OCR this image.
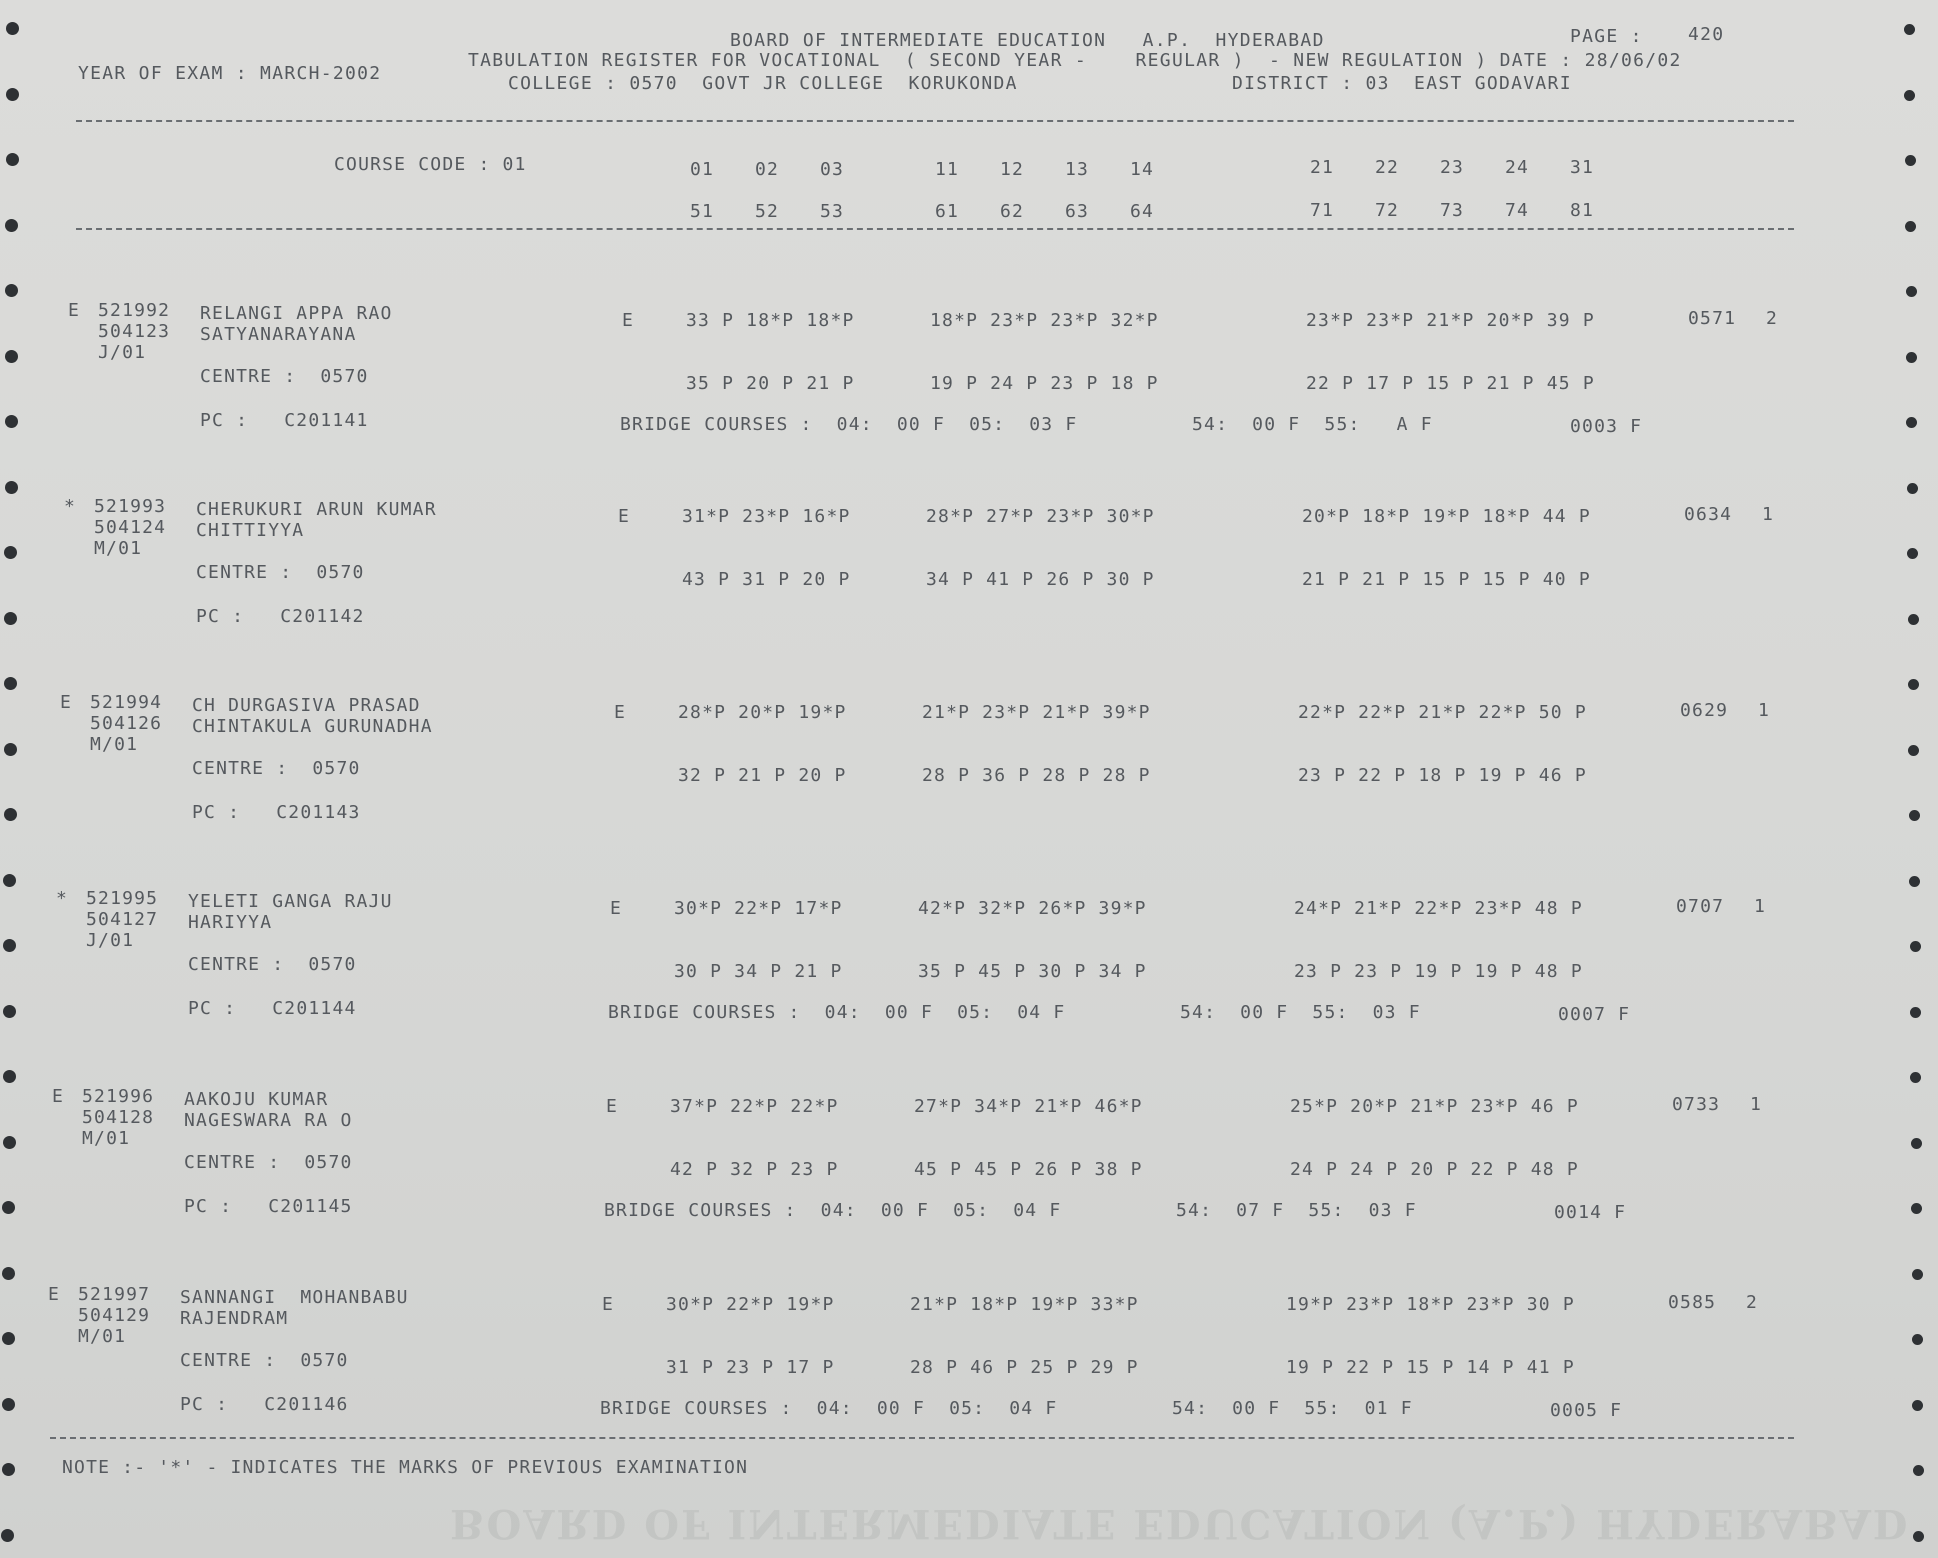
BOARD OF INTERMEDIATE EDUCATION (A.P.) HYDERABAD
BOARD OF INTERMEDIATE EDUCATION   A.P.  HYDERABAD	PAGE :	420
YEAR OF EXAM : MARCH-2002
TABULATION REGISTER FOR VOCATIONAL  ( SECOND YEAR -    REGULAR )  - NEW REGULATION ) DATE : 28/06/02
COLLEGE : 0570  GOVT JR COLLEGE  KORUKONDA	DISTRICT : 03  EAST GODAVARI
COURSE CODE : 01	01 02 03	11 12 13 14	21 22 23 24 31
51 52 53	61 62 63 64	71 72 73 74 81
E 521992 RELANGI APPA RAO
504123 SATYANARAYANA
J/01
E	33 P 18*P 18*P	18*P 23*P 23*P 32*P	23*P 23*P 21*P 20*P 39 P	0571 2
CENTRE :  0570	35 P 20 P 21 P	19 P 24 P 23 P 18 P	22 P 17 P 15 P 21 P 45 P
PC :   C201141	BRIDGE COURSES :  04:  00 F  05:  03 F	54:  00 F  55:   A F	0003 F
* 521993 CHERUKURI ARUN KUMAR
504124 CHITTIYYA
M/01
E	31*P 23*P 16*P	28*P 27*P 23*P 30*P	20*P 18*P 19*P 18*P 44 P	0634 1
CENTRE :  0570	43 P 31 P 20 P	34 P 41 P 26 P 30 P	21 P 21 P 15 P 15 P 40 P
PC :   C201142
E 521994 CH DURGASIVA PRASAD
504126 CHINTAKULA GURUNADHA
M/01
E	28*P 20*P 19*P	21*P 23*P 21*P 39*P	22*P 22*P 21*P 22*P 50 P	0629 1
CENTRE :  0570	32 P 21 P 20 P	28 P 36 P 28 P 28 P	23 P 22 P 18 P 19 P 46 P
PC :   C201143
* 521995 YELETI GANGA RAJU
504127 HARIYYA
J/01
E	30*P 22*P 17*P	42*P 32*P 26*P 39*P	24*P 21*P 22*P 23*P 48 P	0707 1
CENTRE :  0570	30 P 34 P 21 P	35 P 45 P 30 P 34 P	23 P 23 P 19 P 19 P 48 P
PC :   C201144	BRIDGE COURSES :  04:  00 F  05:  04 F	54:  00 F  55:  03 F	0007 F
E 521996 AAKOJU KUMAR
504128 NAGESWARA RA O
M/01
E	37*P 22*P 22*P	27*P 34*P 21*P 46*P	25*P 20*P 21*P 23*P 46 P	0733 1
CENTRE :  0570	42 P 32 P 23 P	45 P 45 P 26 P 38 P	24 P 24 P 20 P 22 P 48 P
PC :   C201145	BRIDGE COURSES :  04:  00 F  05:  04 F	54:  07 F  55:  03 F	0014 F
E 521997 SANNANGI  MOHANBABU
504129 RAJENDRAM
M/01
E	30*P 22*P 19*P	21*P 18*P 19*P 33*P	19*P 23*P 18*P 23*P 30 P	0585 2
CENTRE :  0570	31 P 23 P 17 P	28 P 46 P 25 P 29 P	19 P 22 P 15 P 14 P 41 P
PC :   C201146	BRIDGE COURSES :  04:  00 F  05:  04 F	54:  00 F  55:  01 F	0005 F
NOTE :- '*' - INDICATES THE MARKS OF PREVIOUS EXAMINATION
